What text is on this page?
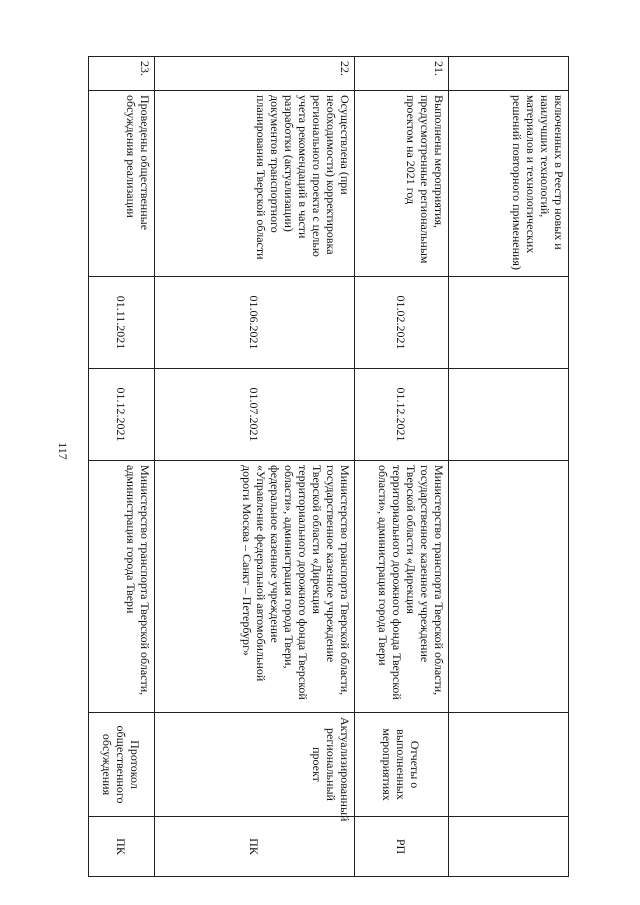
117
	включенных в Реестр новых и наилучших технологий, материалов и технологических решений повторного применения)					
21.	Выполнены мероприятия, предусмотренные региональным проектом на 2021 год	01.02.2021	01.12.2021	Министерство транспорта Тверской области, государственное казенное учреждение Тверской области «Дирекция территориального дорожного фонда Тверской области», администрация города Твери	Отчеты о выполненных мероприятиях	РП
22.	Осуществлена (при необходимости) корректировка регионального проекта с целью учета рекомендаций в части разработки (актуализации) документов транспортного планирования Тверской области	01.06.2021	01.07.2021	Министерство транспорта Тверской области, государственное казенное учреждение Тверской области «Дирекция территориального дорожного фонда Тверской области», администрация города Твери, федеральное казенное учреждение «Управление федеральной автомобильной дороги Москва – Санкт – Петербург»	Актуализированный региональный проект	ПК
23.	Проведены общественные обсуждения реализации	01.11.2021	01.12.2021	Министерство транспорта Тверской области, администрация города Твери	Протокол общественного обсуждения	ПК
